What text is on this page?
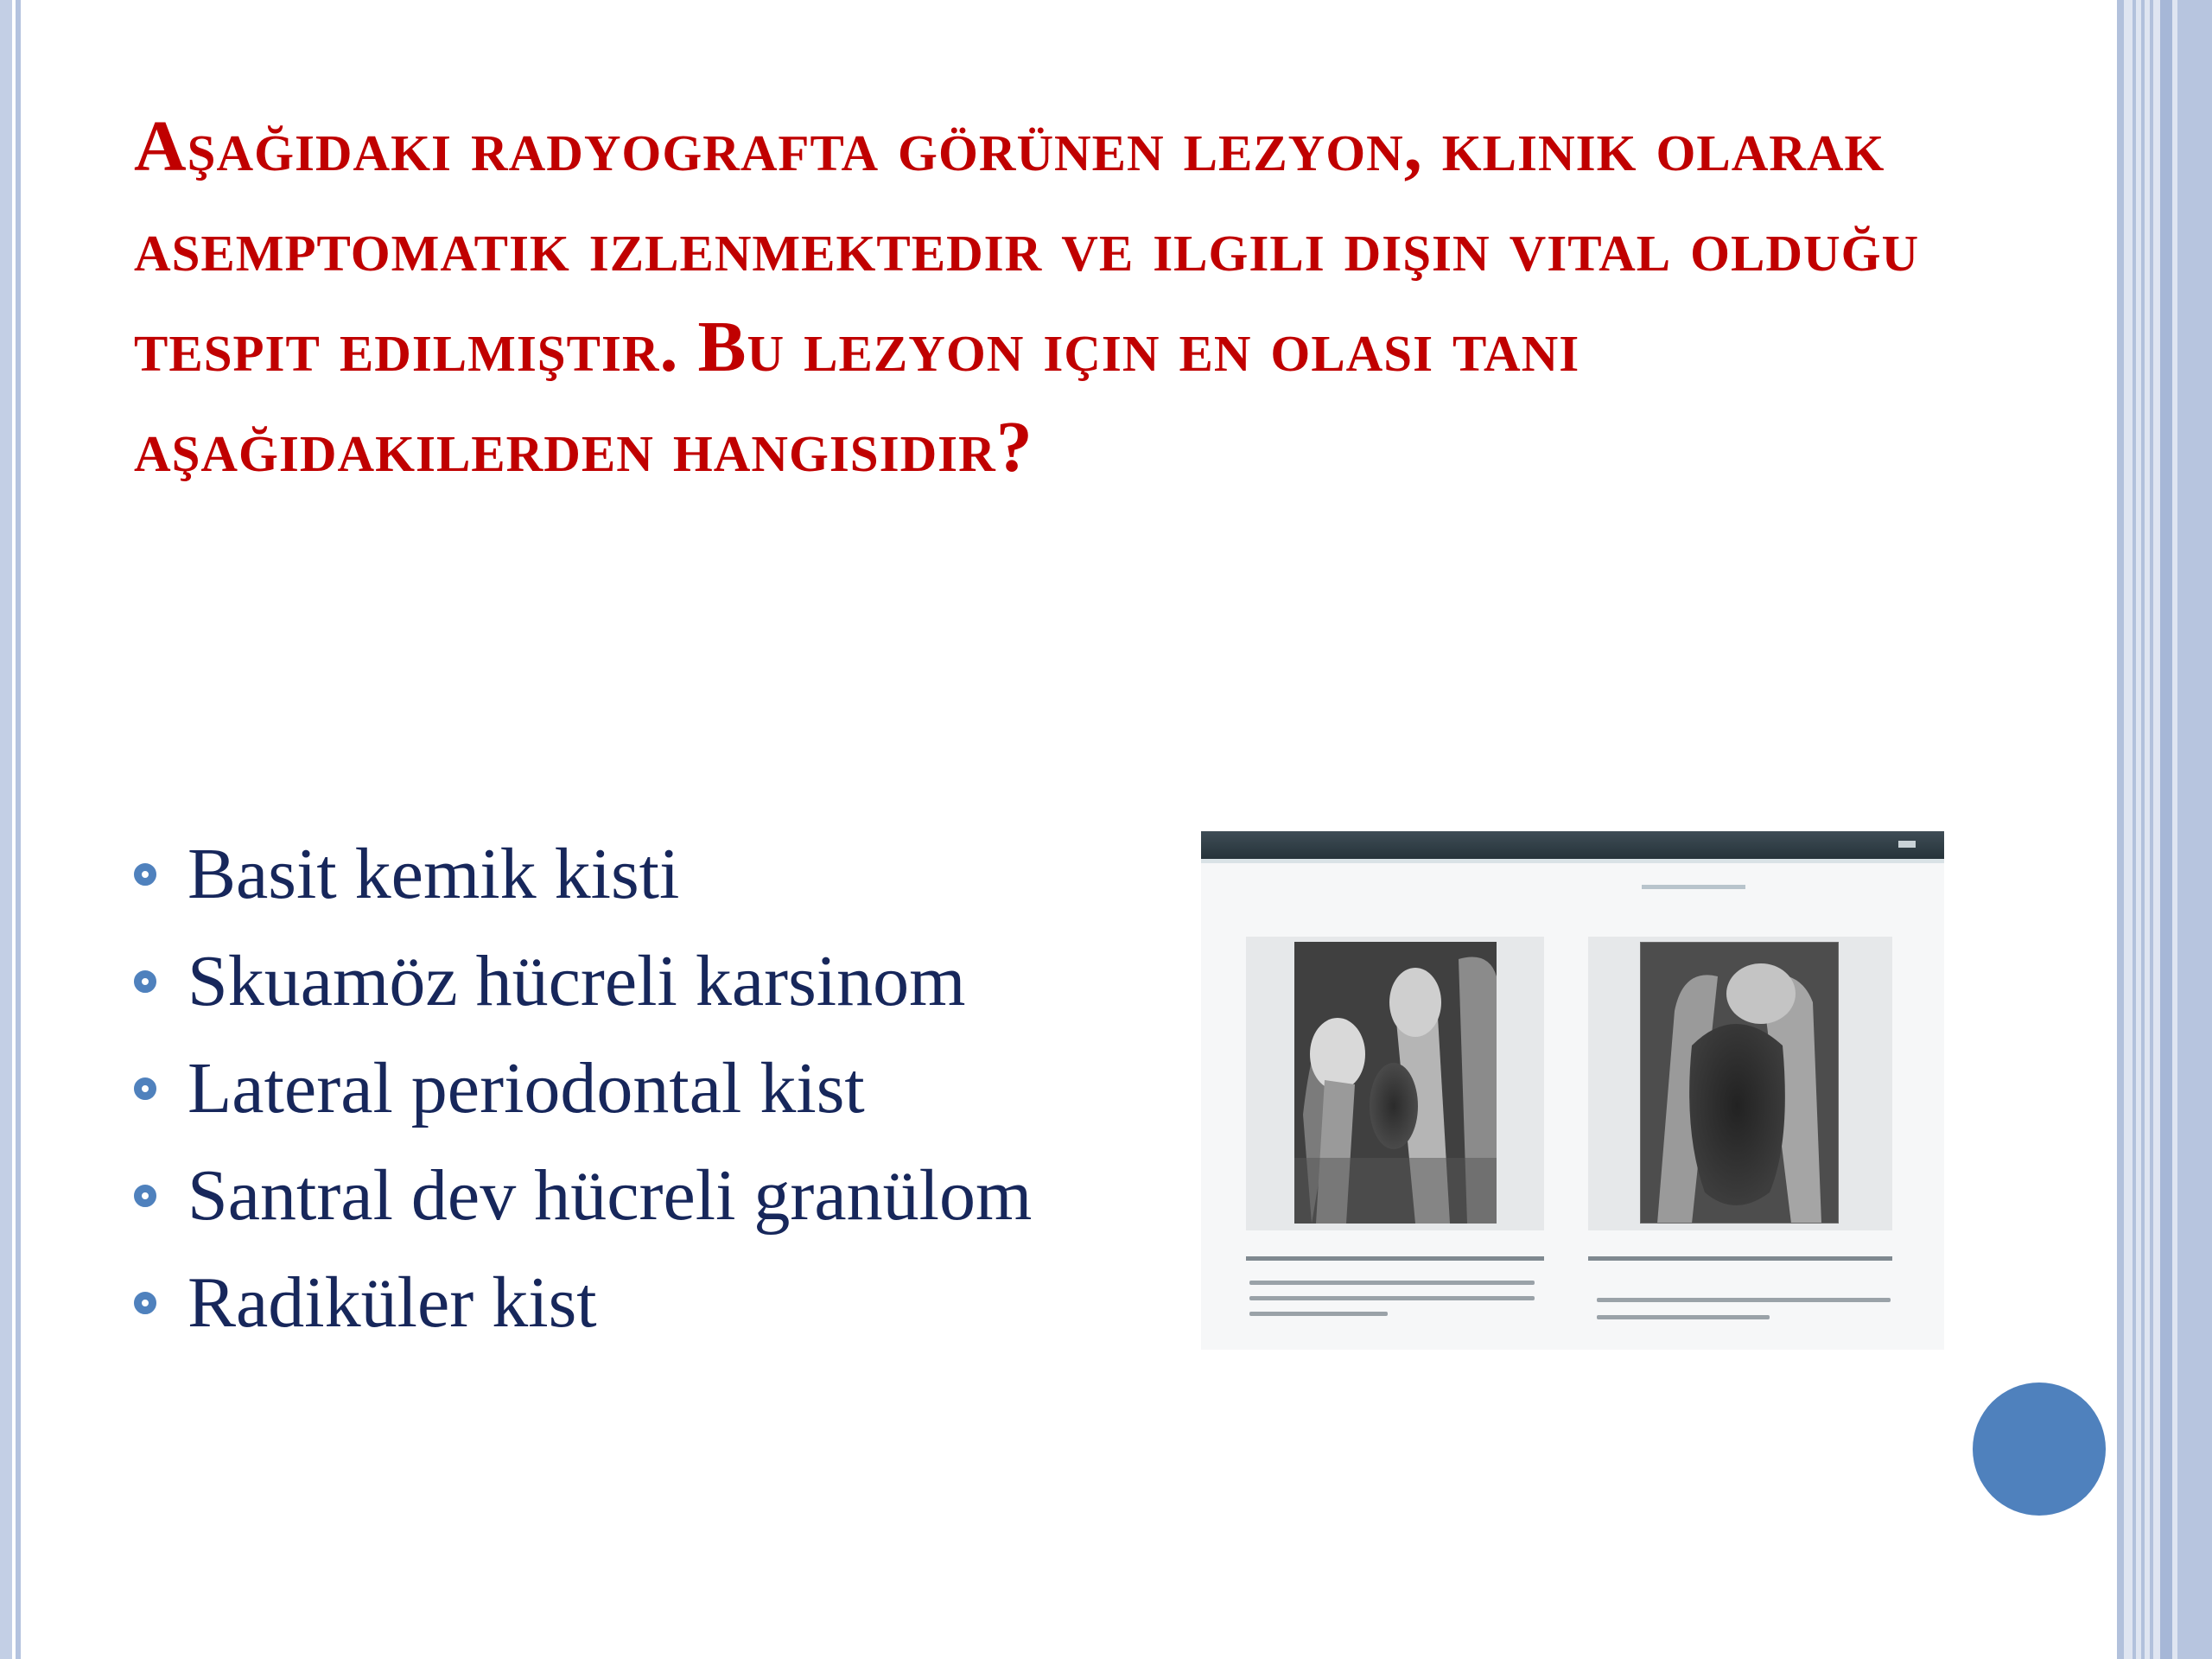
Aşağıdaki radyografta görünen lezyon, klinik olarak asemptomatik izlenmektedir ve ilgili dişin vital olduğu tespit edilmiştir. Bu lezyon için en olası tanı aşağıdakilerden hangisidir?
Basit kemik kisti
Skuamöz hücreli karsinom
Lateral periodontal kist
Santral dev hücreli granülom
Radiküler kist
